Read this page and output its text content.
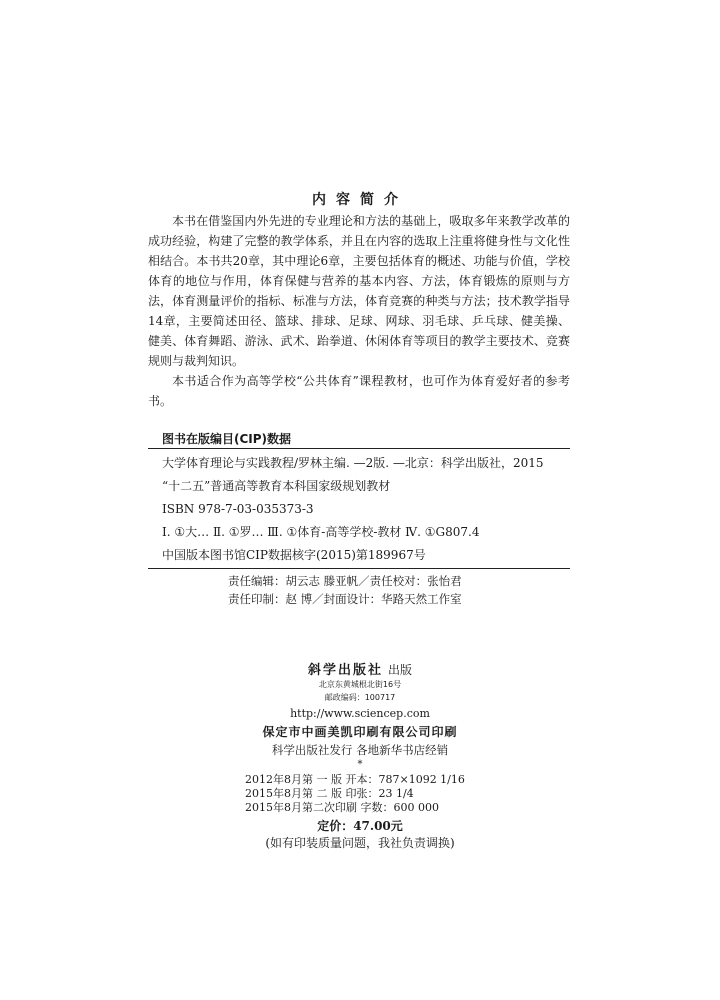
内容简介

本书在借鉴国内外先进的专业理论和方法的基础上，吸取多年来教学改革的成功经验，构建了完整的教学体系，并且在内容的选取上注重将健身性与文化性相结合。本书共20章，其中理论6章，主要包括体育的概述、功能与价值，学校体育的地位与作用，体育保健与营养的基本内容、方法，体育锻炼的原则与方法，体育测量评价的指标、标准与方法，体育竞赛的种类与方法；技术教学指导14章，主要简述田径、篮球、排球、足球、网球、羽毛球、乒乓球、健美操、健美、体育舞蹈、游泳、武术、跆拳道、休闲体育等项目的教学主要技术、竞赛规则与裁判知识。

本书适合作为高等学校“公共体育”课程教材，也可作为体育爱好者的参考书。

图书在版编目(CIP)数据
大学体育理论与实践教程/罗林主编. —2版. —北京：科学出版社，2015
“十二五”普通高等教育本科国家级规划教材
ISBN 978-7-03-035373-3
Ⅰ. ①大… Ⅱ. ①罗… Ⅲ. ①体育-高等学校-教材 Ⅳ. ①G807.4
中国版本图书馆CIP数据核字(2015)第189967号
责任编辑：胡云志 滕亚帆／责任校对：张怡君
责任印制：赵 博／封面设计：华路天然工作室
斜学出版社 出版
北京东黄城根北街16号
邮政编码：100717
http://www.sciencep.com
保定市中画美凯印刷有限公司印刷
科学出版社发行 各地新华书店经销
*
2012年8月第 一 版 开本：787×1092 1/16
2015年8月第 二 版 印张：23 1/4
2015年8月第二次印刷 字数：600 000
定价：47.00元
(如有印装质量问题，我社负责调换)
